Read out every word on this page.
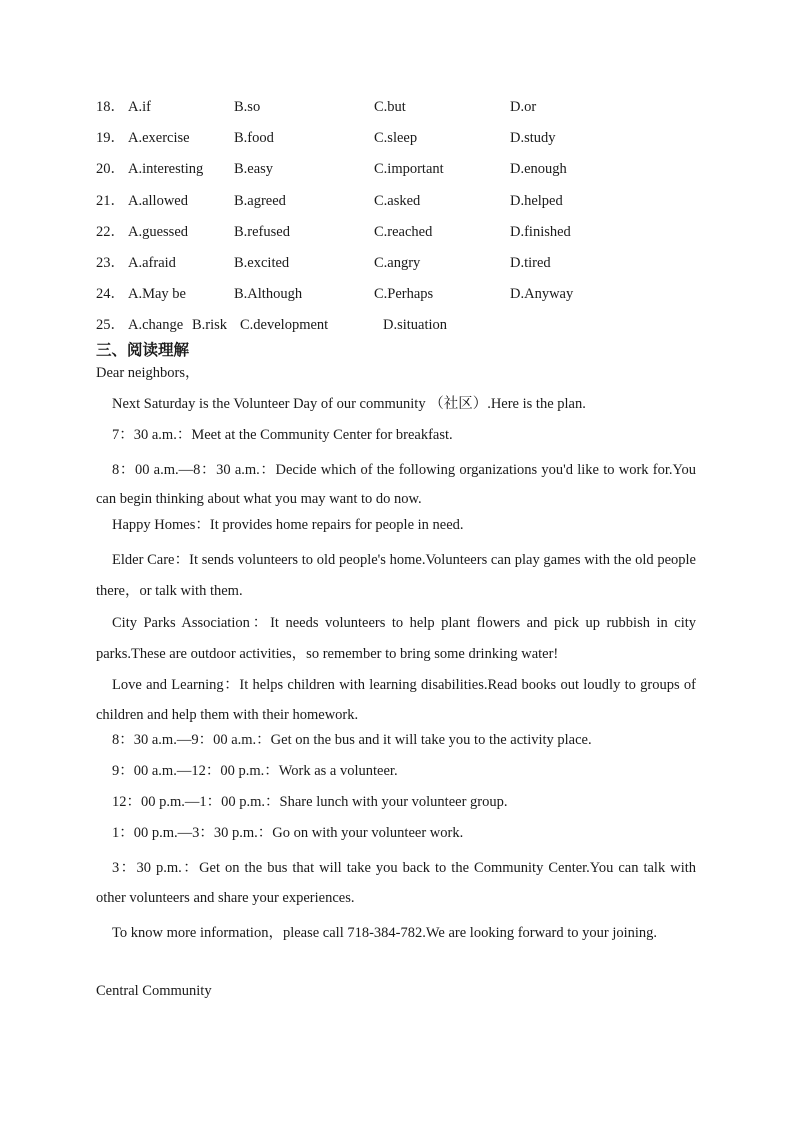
18． A.if	B.so	C.but	D.or
19． A.exercise	B.food	C.sleep	D.study
20． A.interesting B.easy	C.important	D.enough
21． A.allowed	B.agreed	C.asked	D.helped
22． A.guessed	B.refused	C.reached	D.finished
23． A.afraid	B.excited	C.angry	D.tired
24． A.May be	B.Although	C.Perhaps	D.Anyway
25． A.change B.risk C.development	D.situation
三、阅读理解
Dear neighbors，
Next Saturday is the Volunteer Day of our community （社区）.Here is the plan.
7：30 a.m.：Meet at the Community Center for breakfast.
8：00 a.m.—8：30 a.m.：Decide which of the following organizations you'd like to work for.You can begin thinking about what you may want to do now.
Happy Homes：It provides home repairs for people in need.
Elder Care：It sends volunteers to old people's home.Volunteers can play games with the old people there，or talk with them.
City Parks Association：It needs volunteers to help plant flowers and pick up rubbish in city parks.These are outdoor activities，so remember to bring some drinking water!
Love and Learning：It helps children with learning disabilities.Read books out loudly to groups of children and help them with their homework.
8：30 a.m.—9：00 a.m.：Get on the bus and it will take you to the activity place.
9：00 a.m.—12：00 p.m.：Work as a volunteer.
12：00 p.m.—1：00 p.m.：Share lunch with your volunteer group.
1：00 p.m.—3：30 p.m.：Go on with your volunteer work.
3：30 p.m.：Get on the bus that will take you back to the Community Center.You can talk with other volunteers and share your experiences.
To know more information，please call 718-384-782.We are looking forward to your joining.
Central Community
